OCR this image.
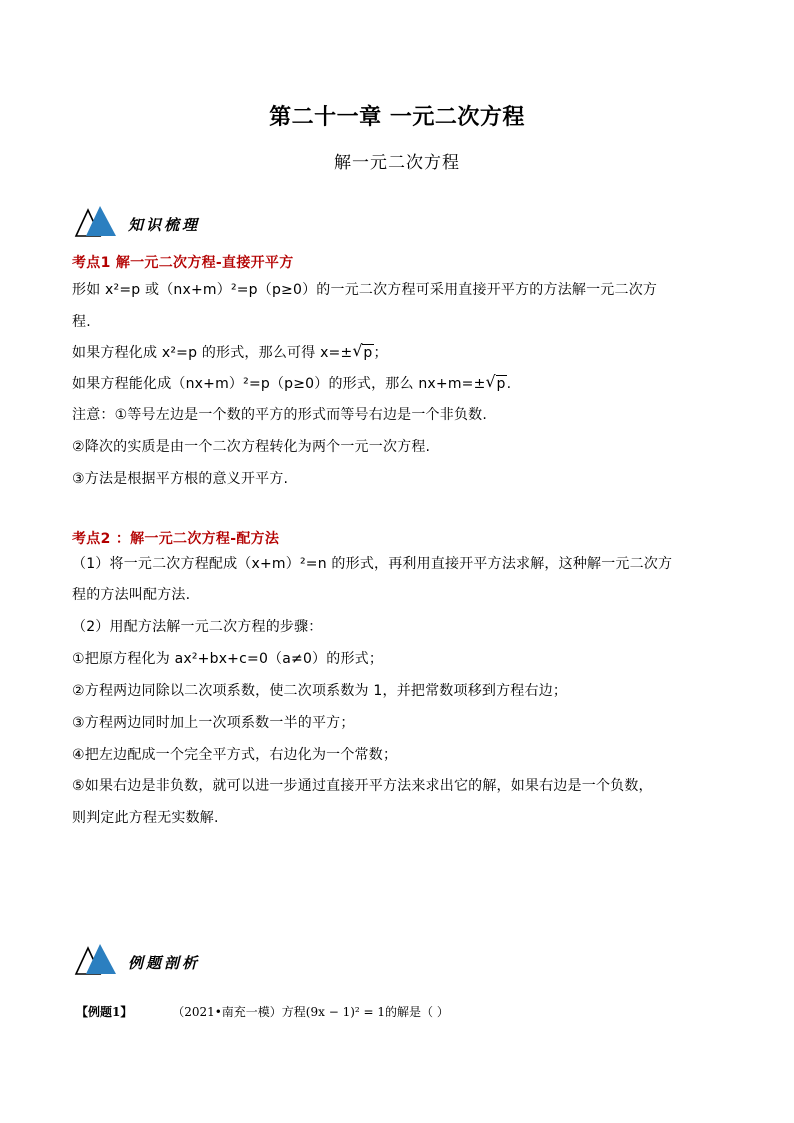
第二十一章 一元二次方程
解一元二次方程
知识梳理
考点1 解一元二次方程-直接开平方
形如 x²=p 或（nx+m）²=p（p≥0）的一元二次方程可采用直接开平方的方法解一元二次方
程.
如果方程化成 x²=p 的形式，那么可得 x=± √ p；
如果方程能化成（nx+m）²=p（p≥0）的形式，那么 nx+m=± √ p.
注意：①等号左边是一个数的平方的形式而等号右边是一个非负数.
②降次的实质是由一个二次方程转化为两个一元一次方程.
③方法是根据平方根的意义开平方.
考点2 ：解一元二次方程-配方法
（1）将一元二次方程配成（x+m）²=n 的形式，再利用直接开平方法求解，这种解一元二次方
程的方法叫配方法.
（2）用配方法解一元二次方程的步骤：
①把原方程化为 ax²+bx+c=0（a≠0）的形式；
②方程两边同除以二次项系数，使二次项系数为 1，并把常数项移到方程右边；
③方程两边同时加上一次项系数一半的平方；
④把左边配成一个完全平方式，右边化为一个常数；
⑤如果右边是非负数，就可以进一步通过直接开平方法来求出它的解，如果右边是一个负数，
则判定此方程无实数解.
例题剖析
【例题1】	（2021•南充一模）方程(9x − 1)² = 1的解是（ ）
